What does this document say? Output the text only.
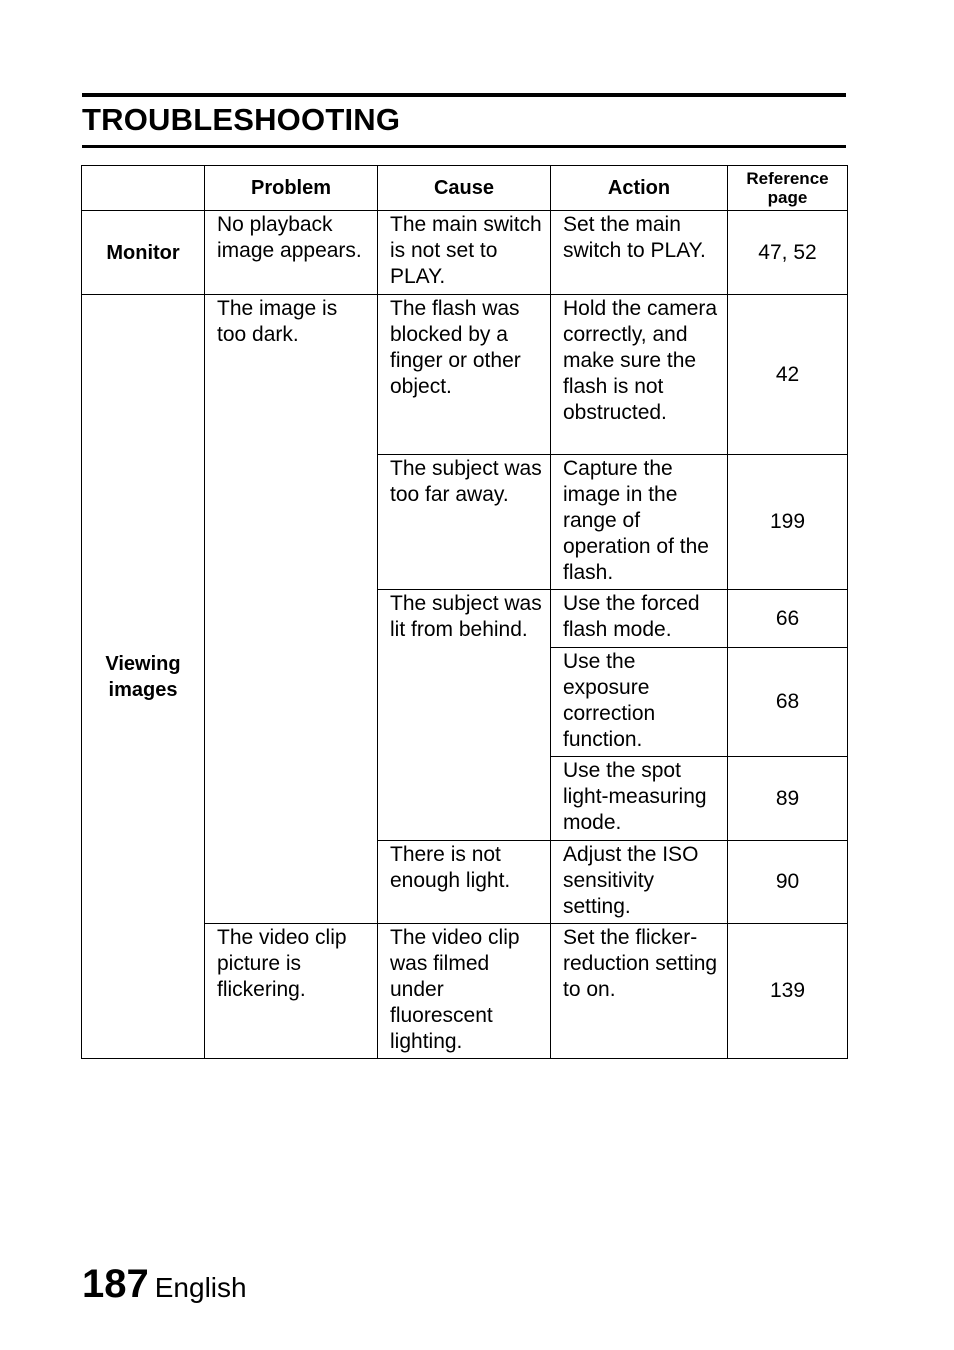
TROUBLESHOOTING
	Problem	Cause	Action	Reference page
Monitor	No playback image appears.	The main switch is not set to PLAY.	Set the main switch to PLAY.	47, 52
Viewing images	The image is too dark.	The flash was blocked by a finger or other object.	Hold the camera correctly, and make sure the flash is not obstructed.	42
		The subject was too far away.	Capture the image in the range of operation of the flash.	199
		The subject was lit from behind.	Use the forced flash mode.	66
			Use the exposure correction function.	68
			Use the spot light-measuring mode.	89
		There is not enough light.	Adjust the ISO sensitivity setting.	90
	The video clip picture is flickering.	The video clip was filmed under fluorescent lighting.	Set the flicker-reduction setting to on.	139
187 English
